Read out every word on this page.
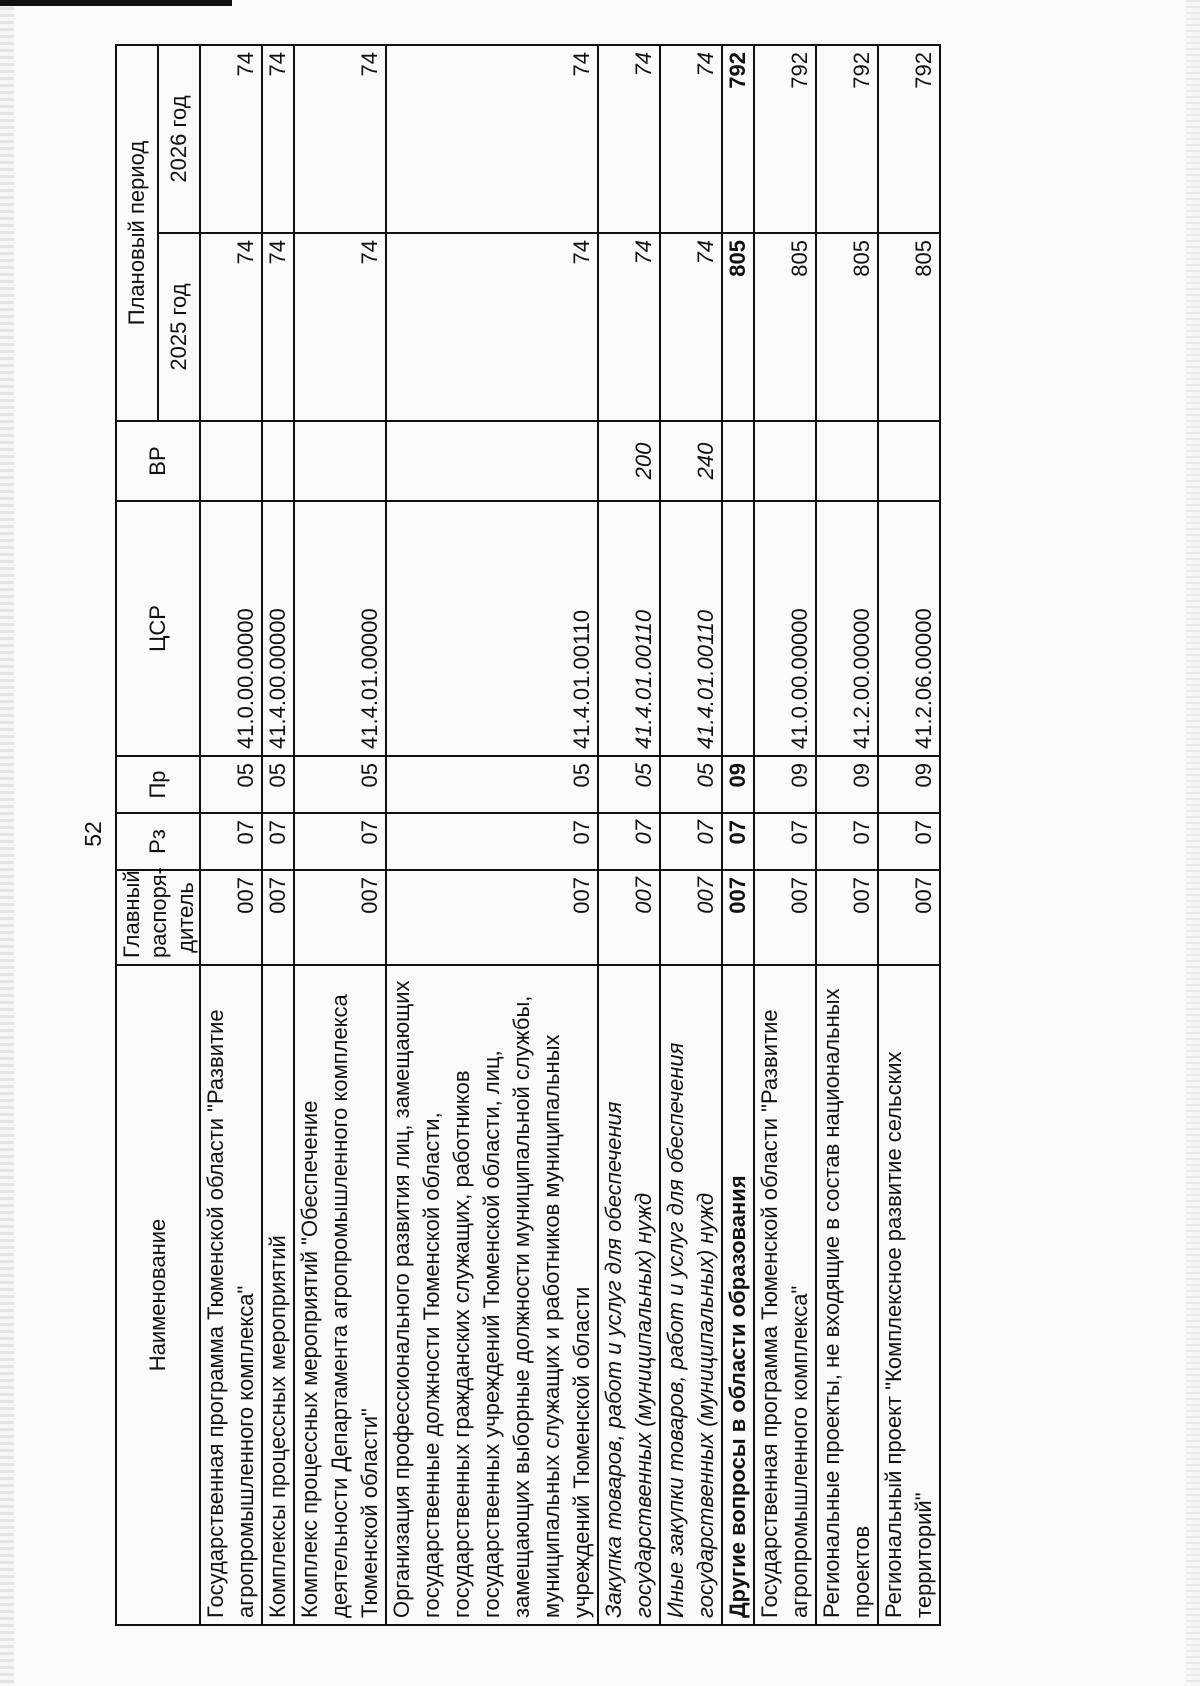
52
Наименование	Главный распоря-дитель	Рз	Пр	ЦСР	ВР	Плановый период	
						2025 год	2026 год
Государственная программа Тюменской области "Развитие агропромышленного комплекса"	007	07	05	41.0.00.00000		74	74
Комплексы процессных мероприятий	007	07	05	41.4.00.00000		74	74
Комплекс процессных мероприятий "Обеспечение деятельности Департамента агропромышленного комплекса Тюменской области"	007	07	05	41.4.01.00000		74	74
Организация профессионального развития лиц, замещающих государственные должности Тюменской области, государственных гражданских служащих, работников государственных учреждений Тюменской области, лиц, замещающих выборные должности муниципальной службы, муниципальных служащих и работников муниципальных учреждений Тюменской области	007	07	05	41.4.01.00110		74	74
Закупка товаров, работ и услуг для обеспечения государственных (муниципальных) нужд	007	07	05	41.4.01.00110	200	74	74
Иные закупки товаров, работ и услуг для обеспечения государственных (муниципальных) нужд	007	07	05	41.4.01.00110	240	74	74
Другие вопросы в области образования	007	07	09			805	792
Государственная программа Тюменской области "Развитие агропромышленного комплекса"	007	07	09	41.0.00.00000		805	792
Региональные проекты, не входящие в состав национальных проектов	007	07	09	41.2.00.00000		805	792
Региональный проект "Комплексное развитие сельских территорий"	007	07	09	41.2.06.00000		805	792
